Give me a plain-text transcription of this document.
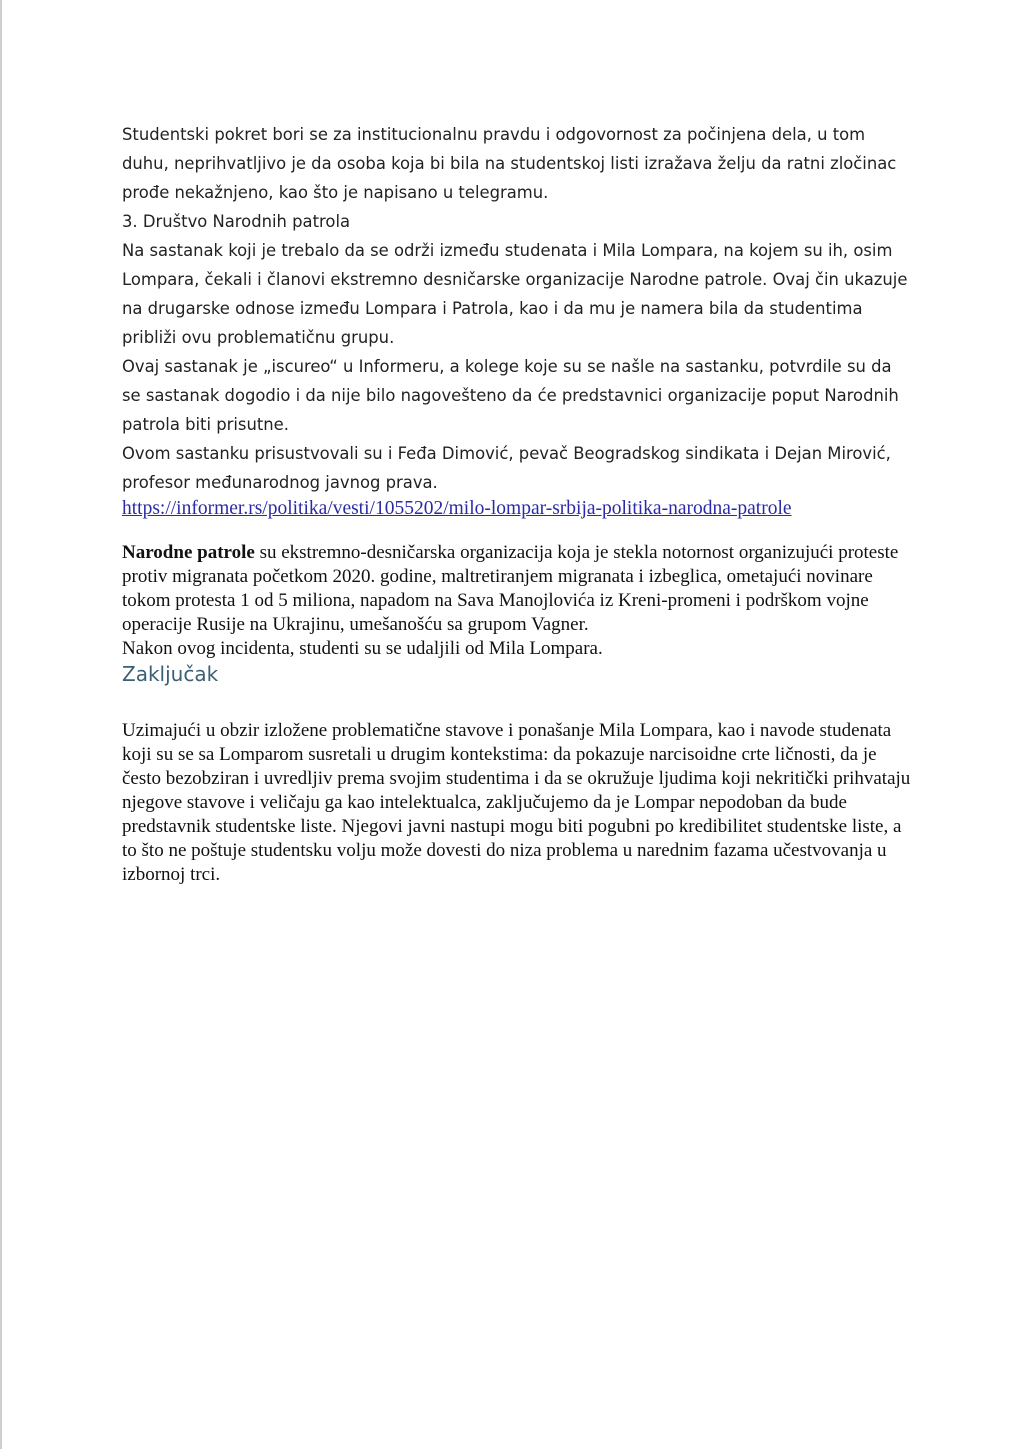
Studentski pokret bori se za institucionalnu pravdu i odgovornost za počinjena dela, u tom duhu, neprihvatljivo je da osoba koja bi bila na studentskoj listi izražava želju da ratni zločinac prođe nekažnjeno, kao što je napisano u telegramu.

3. Društvo Narodnih patrola

Na sastanak koji je trebalo da se održi između studenata i Mila Lompara, na kojem su ih, osim Lompara, čekali i članovi ekstremno desničarske organizacije Narodne patrole. Ovaj čin ukazuje na drugarske odnose između Lompara i Patrola, kao i da mu je namera bila da studentima približi ovu problematičnu grupu.

Ovaj sastanak je „iscureo“ u Informeru, a kolege koje su se našle na sastanku, potvrdile su da se sastanak dogodio i da nije bilo nagovešteno da će predstavnici organizacije poput Narodnih patrola biti prisutne.

Ovom sastanku prisustvovali su i Feđa Dimović, pevač Beogradskog sindikata i Dejan Mirović, profesor međunarodnog javnog prava.

https://informer.rs/politika/vesti/1055202/milo-lompar-srbija-politika-narodna-patrole

Narodne patrole su ekstremno-desničarska organizacija koja je stekla notornost organizujući proteste protiv migranata početkom 2020. godine, maltretiranjem migranata i izbeglica, ometajući novinare tokom protesta 1 od 5 miliona, napadom na Sava Manojlovića iz Kreni-promeni i podrškom vojne operacije Rusije na Ukrajinu, umešanošću sa grupom Vagner.

Nakon ovog incidenta, studenti su se udaljili od Mila Lompara.

Zaključak

Uzimajući u obzir izložene problematične stavove i ponašanje Mila Lompara, kao i navode studenata koji su se sa Lomparom susretali u drugim kontekstima: da pokazuje narcisoidne crte ličnosti, da je često bezobziran i uvredljiv prema svojim studentima i da se okružuje ljudima koji nekritički prihvataju njegove stavove i veličaju ga kao intelektualca, zaključujemo da je Lompar nepodoban da bude predstavnik studentske liste. Njegovi javni nastupi mogu biti pogubni po kredibilitet studentske liste, a to što ne poštuje studentsku volju može dovesti do niza problema u narednim fazama učestvovanja u izbornoj trci.
